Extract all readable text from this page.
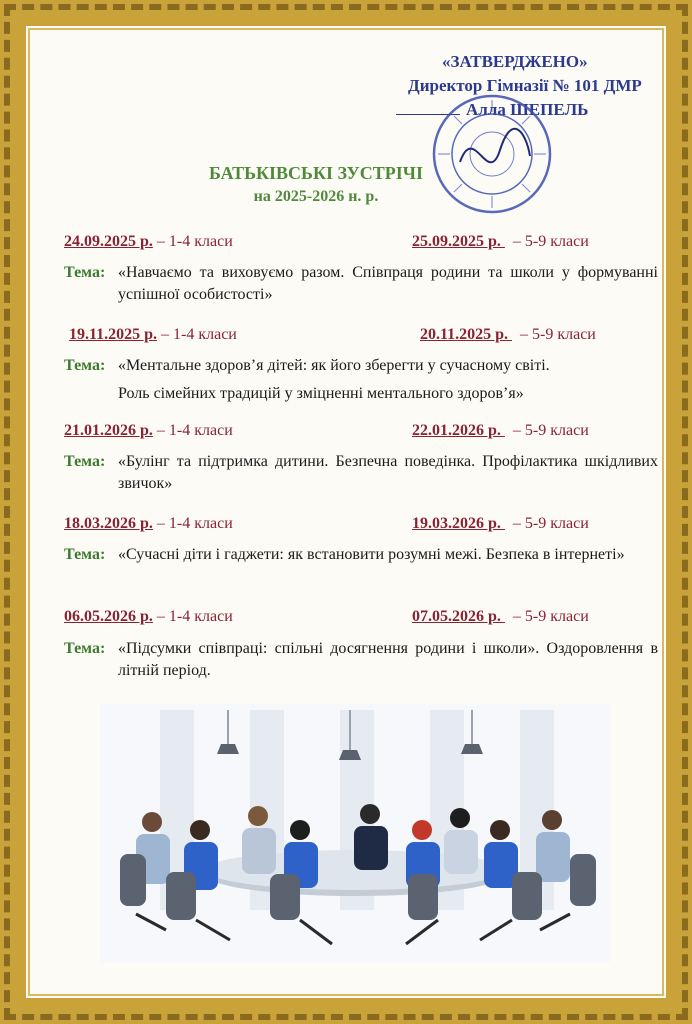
«ЗАТВЕРДЖЕНО»
Директор Гімназії № 101 ДМР
Алла ШЕПЕЛЬ
БАТЬКІВСЬКІ ЗУСТРІЧІ
на 2025-2026 н. р.
24.09.2025 р. – 1-4 класи	25.09.2025 р.   – 5-9 класи
Тема: «Навчаємо та виховуємо разом. Співпраця родини та школи у формуванні успішної особистості»
19.11.2025 р. – 1-4 класи	20.11.2025 р.   – 5-9 класи
Тема: «Ментальне здоров’я дітей: як його зберегти у сучасному світі.
Роль сімейних традицій у зміцненні ментального здоров’я»
21.01.2026 р. – 1-4 класи	22.01.2026 р.   – 5-9 класи
Тема: «Булінг та підтримка дитини. Безпечна поведінка. Профілактика шкідливих звичок»
18.03.2026 р. – 1-4 класи	19.03.2026 р.   – 5-9 класи
Тема: «Сучасні діти і гаджети: як встановити розумні межі. Безпека в інтернеті»
06.05.2026 р. – 1-4 класи	07.05.2026 р.   – 5-9 класи
Тема: «Підсумки співпраці: спільні досягнення родини і школи». Оздоровлення в літній період.
